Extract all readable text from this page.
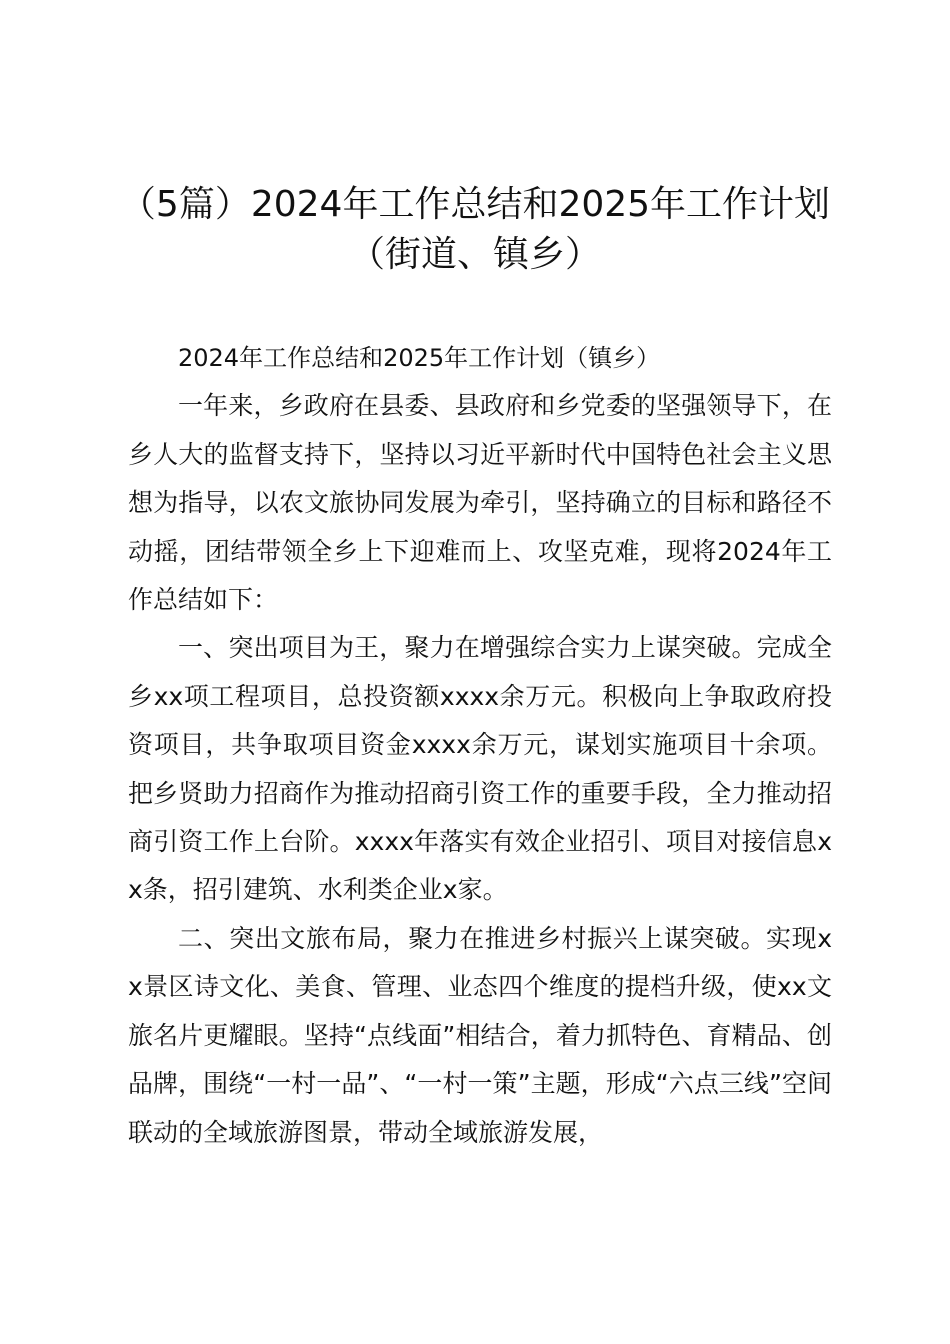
（5篇）2024年工作总结和2025年工作计划
（街道、镇乡）

2024年工作总结和2025年工作计划（镇乡）

一年来，乡政府在县委、县政府和乡党委的坚强领导下，在乡人大的监督支持下，坚持以习近平新时代中国特色社会主义思想为指导，以农文旅协同发展为牵引，坚持确立的目标和路径不动摇，团结带领全乡上下迎难而上、攻坚克难，现将2024年工作总结如下：

一、突出项目为王，聚力在增强综合实力上谋突破。完成全乡xx项工程项目，总投资额xxxx余万元。积极向上争取政府投资项目，共争取项目资金xxxx余万元，谋划实施项目十余项。把乡贤助力招商作为推动招商引资工作的重要手段，全力推动招商引资工作上台阶。xxxx年落实有效企业招引、项目对接信息xx条，招引建筑、水利类企业x家。

二、突出文旅布局，聚力在推进乡村振兴上谋突破。实现xx景区诗文化、美食、管理、业态四个维度的提档升级，使xx文旅名片更耀眼。坚持“点线面”相结合，着力抓特色、育精品、创品牌，围绕“一村一品”、“一村一策”主题，形成“六点三线”空间联动的全域旅游图景，带动全域旅游发展，
